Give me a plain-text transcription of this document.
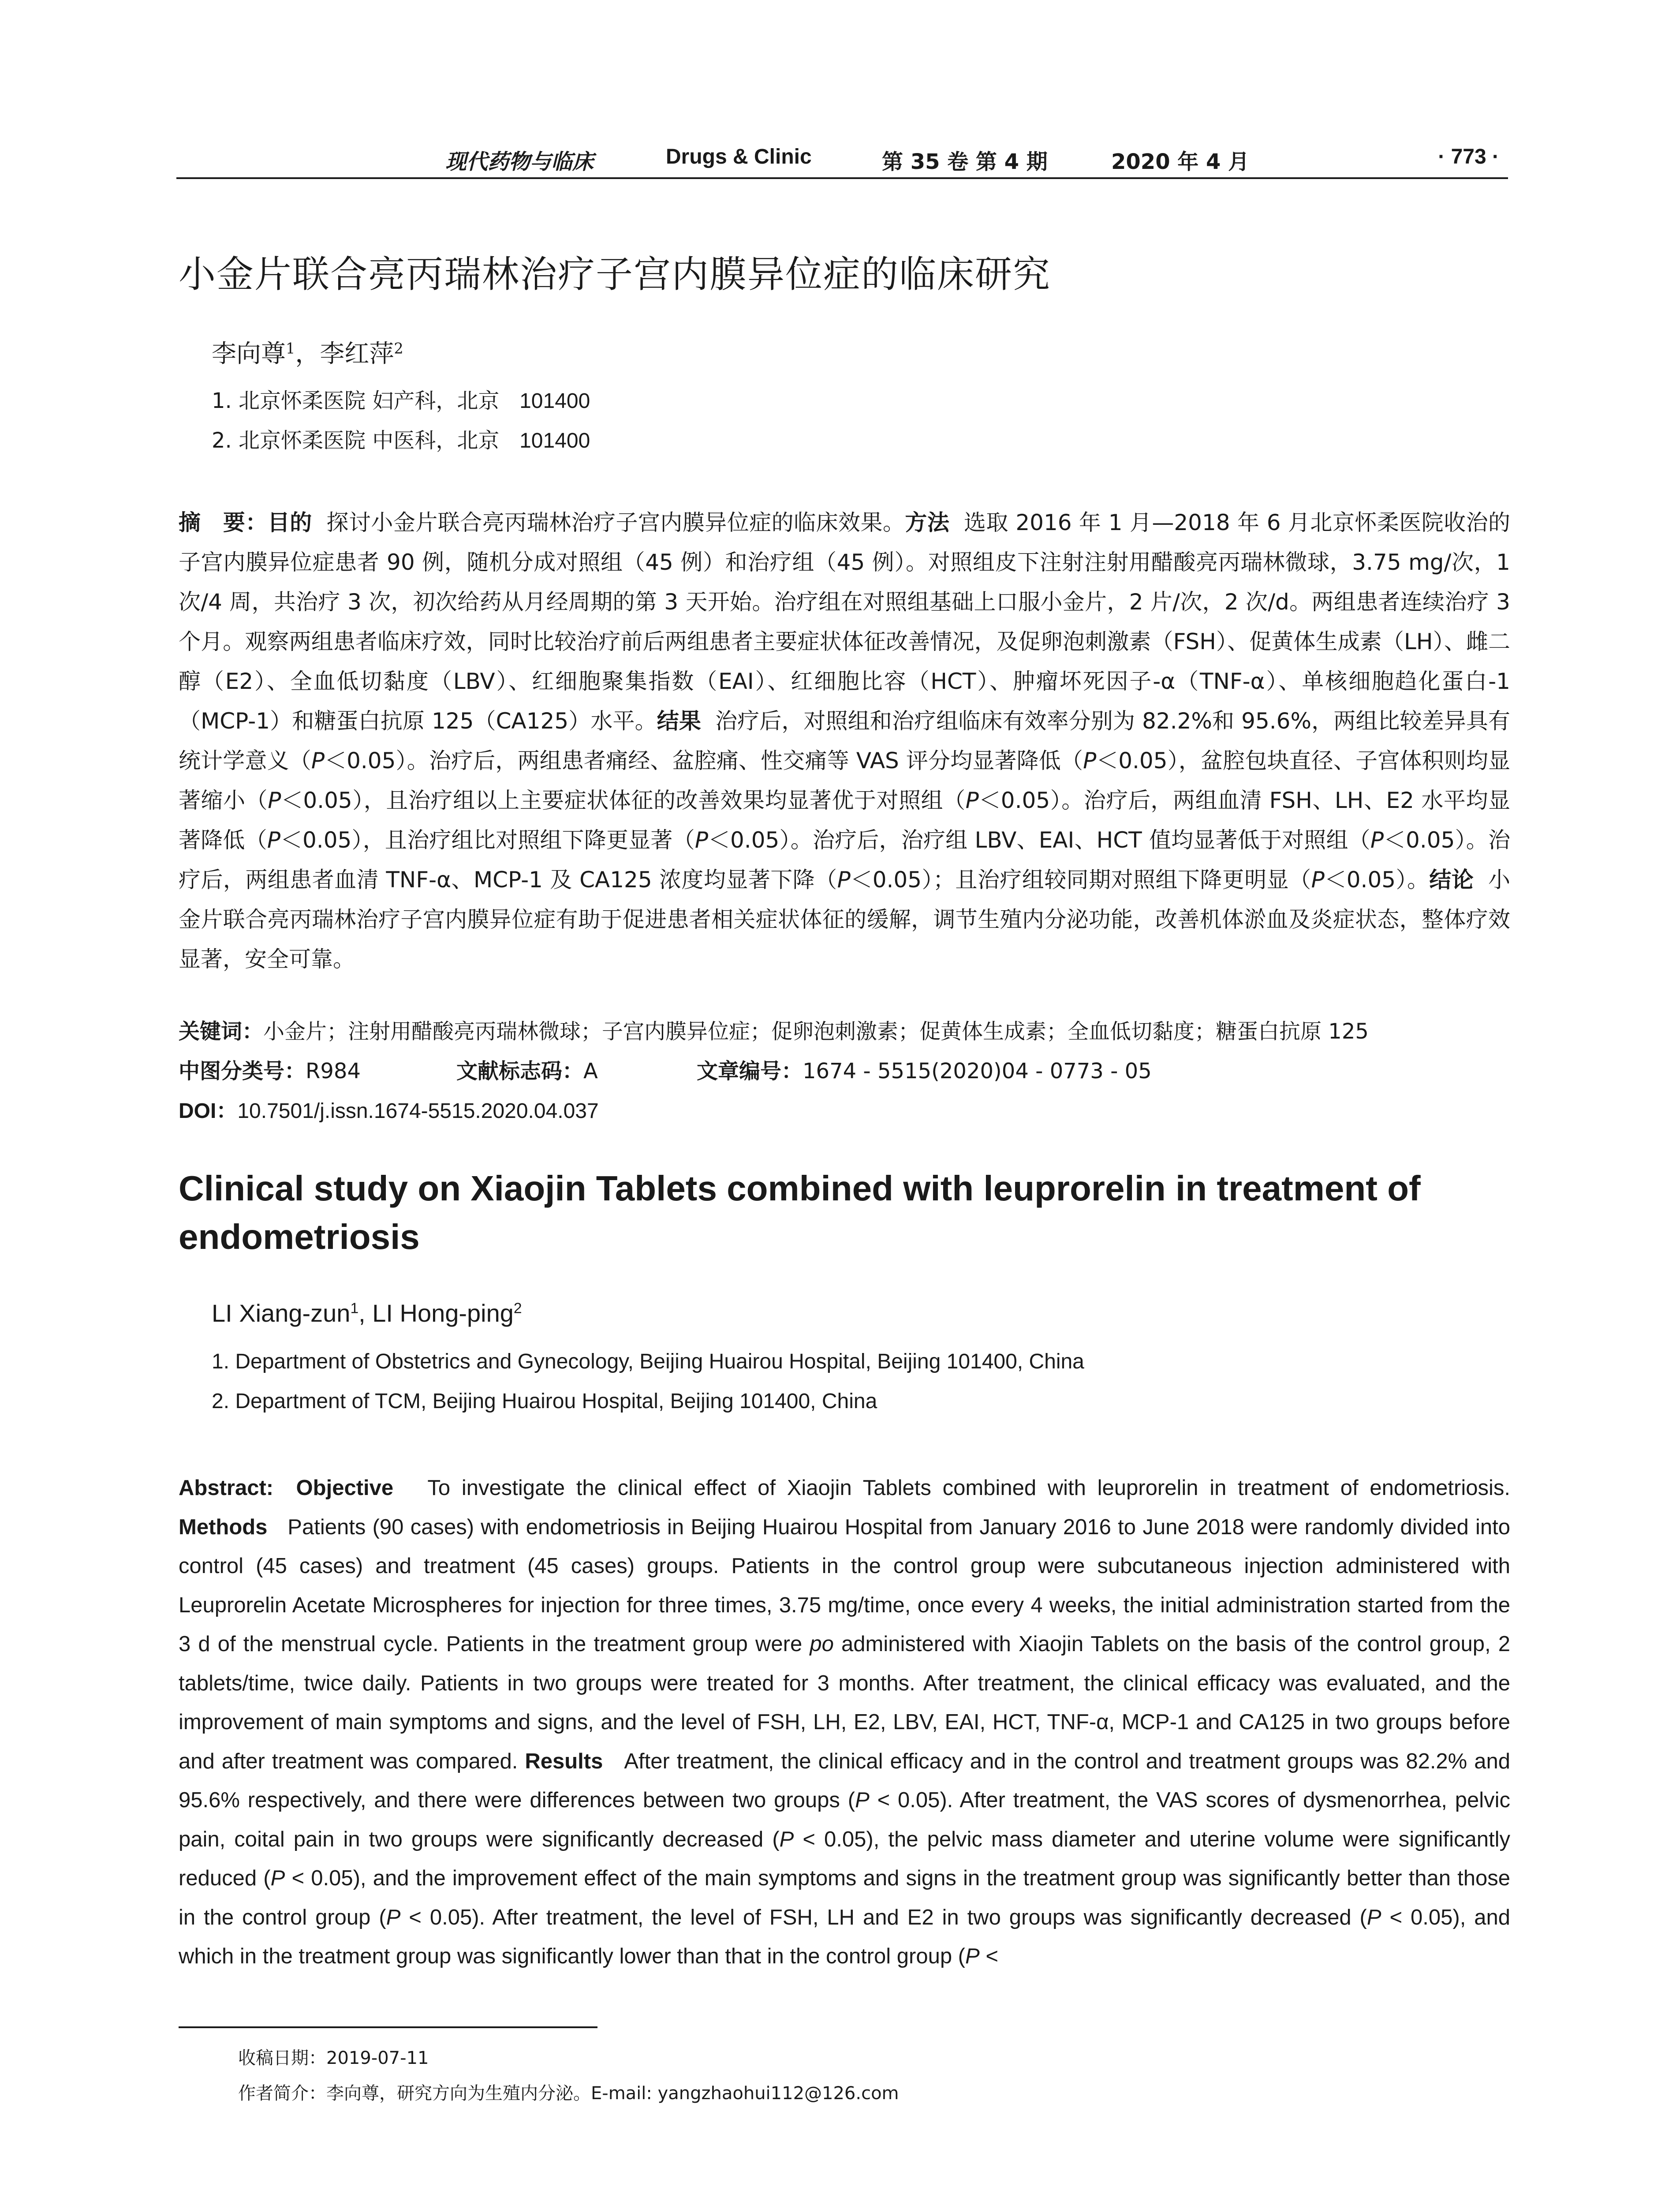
现代药物与临床	Drugs & Clinic	第 35 卷 第 4 期	2020 年 4 月	· 773 ·
小金片联合亮丙瑞林治疗子宫内膜异位症的临床研究
李向尊$^1$，李红萍$^2$
1. 北京怀柔医院 妇产科，北京 101400
2. 北京怀柔医院 中医科，北京 101400
摘　要：目的 探讨小金片联合亮丙瑞林治疗子宫内膜异位症的临床效果。方法 选取 2016 年 1 月—2018 年 6 月北京怀柔医院收治的子宫内膜异位症患者 90 例，随机分成对照组（45 例）和治疗组（45 例）。对照组皮下注射注射用醋酸亮丙瑞林微球，3.75 mg/次，1 次/4 周，共治疗 3 次，初次给药从月经周期的第 3 天开始。治疗组在对照组基础上口服小金片，2 片/次，2 次/d。两组患者连续治疗 3 个月。观察两组患者临床疗效，同时比较治疗前后两组患者主要症状体征改善情况，及促卵泡刺激素（FSH）、促黄体生成素（LH）、雌二醇（E2）、全血低切黏度（LBV）、红细胞聚集指数（EAI）、红细胞比容（HCT）、肿瘤坏死因子-α（TNF-α）、单核细胞趋化蛋白-1（MCP-1）和糖蛋白抗原 125（CA125）水平。结果 治疗后，对照组和治疗组临床有效率分别为 82.2%和 95.6%，两组比较差异具有统计学意义（P＜0.05）。治疗后，两组患者痛经、盆腔痛、性交痛等 VAS 评分均显著降低（P＜0.05），盆腔包块直径、子宫体积则均显著缩小（P＜0.05），且治疗组以上主要症状体征的改善效果均显著优于对照组（P＜0.05）。治疗后，两组血清 FSH、LH、E2 水平均显著降低（P＜0.05），且治疗组比对照组下降更显著（P＜0.05）。治疗后，治疗组 LBV、EAI、HCT 值均显著低于对照组（P＜0.05）。治疗后，两组患者血清 TNF-α、MCP-1 及 CA125 浓度均显著下降（P＜0.05）；且治疗组较同期对照组下降更明显（P＜0.05）。结论 小金片联合亮丙瑞林治疗子宫内膜异位症有助于促进患者相关症状体征的缓解，调节生殖内分泌功能，改善机体淤血及炎症状态，整体疗效显著，安全可靠。
关键词：小金片；注射用醋酸亮丙瑞林微球；子宫内膜异位症；促卵泡刺激素；促黄体生成素；全血低切黏度；糖蛋白抗原 125
中图分类号：R984	文献标志码：A	文章编号：1674 - 5515(2020)04 - 0773 - 05
DOI：10.7501/j.issn.1674-5515.2020.04.037
Clinical study on Xiaojin Tablets combined with leuprorelin in treatment of endometriosis
LI Xiang-zun$^1$, LI Hong-ping$^2$
1. Department of Obstetrics and Gynecology, Beijing Huairou Hospital, Beijing 101400, China
2. Department of TCM, Beijing Huairou Hospital, Beijing 101400, China
Abstract: Objective To investigate the clinical effect of Xiaojin Tablets combined with leuprorelin in treatment of endometriosis. Methods Patients (90 cases) with endometriosis in Beijing Huairou Hospital from January 2016 to June 2018 were randomly divided into control (45 cases) and treatment (45 cases) groups. Patients in the control group were subcutaneous injection administered with Leuprorelin Acetate Microspheres for injection for three times, 3.75 mg/time, once every 4 weeks, the initial administration started from the 3 d of the menstrual cycle. Patients in the treatment group were po administered with Xiaojin Tablets on the basis of the control group, 2 tablets/time, twice daily. Patients in two groups were treated for 3 months. After treatment, the clinical efficacy was evaluated, and the improvement of main symptoms and signs, and the level of FSH, LH, E2, LBV, EAI, HCT, TNF-α, MCP-1 and CA125 in two groups before and after treatment was compared. Results After treatment, the clinical efficacy and in the control and treatment groups was 82.2% and 95.6% respectively, and there were differences between two groups (P < 0.05). After treatment, the VAS scores of dysmenorrhea, pelvic pain, coital pain in two groups were significantly decreased (P < 0.05), the pelvic mass diameter and uterine volume were significantly reduced (P < 0.05), and the improvement effect of the main symptoms and signs in the treatment group was significantly better than those in the control group (P < 0.05). After treatment, the level of FSH, LH and E2 in two groups was significantly decreased (P < 0.05), and which in the treatment group was significantly lower than that in the control group (P <
收稿日期：2019-07-11
作者简介：李向尊，研究方向为生殖内分泌。E-mail: yangzhaohui112@126.com
